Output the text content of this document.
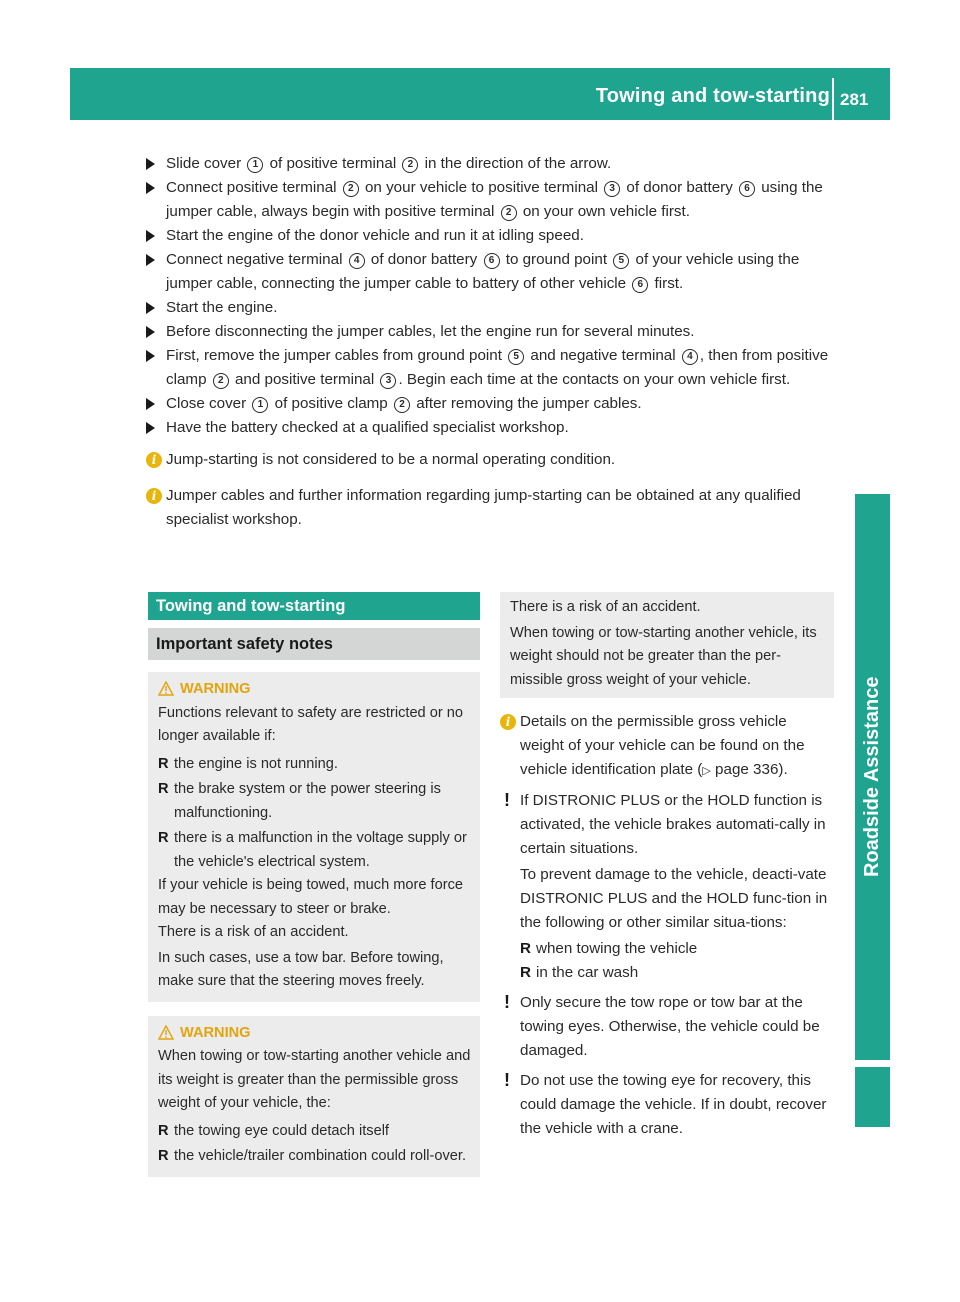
Towing and tow-starting 281
Roadside Assistance
Slide cover 1 of positive terminal 2 in the direction of the arrow.
Connect positive terminal 2 on your vehicle to positive terminal 3 of donor battery 6 using the jumper cable, always begin with positive terminal 2 on your own vehicle first.
Start the engine of the donor vehicle and run it at idling speed.
Connect negative terminal 4 of donor battery 6 to ground point 5 of your vehicle using the jumper cable, connecting the jumper cable to battery of other vehicle 6 first.
Start the engine.
Before disconnecting the jumper cables, let the engine run for several minutes.
First, remove the jumper cables from ground point 5 and negative terminal 4 , then from positive clamp 2 and positive terminal 3 . Begin each time at the contacts on your own vehicle first.
Close cover 1 of positive clamp 2 after removing the jumper cables.
Have the battery checked at a qualified specialist workshop.
i Jump-starting is not considered to be a normal operating condition.
i Jumper cables and further information regarding jump-starting can be obtained at any qualified specialist workshop.
Towing and tow-starting
Important safety notes
WARNING
Functions relevant to safety are restricted or no longer available if:
R the engine is not running.
R the brake system or the power steering is malfunctioning.
R there is a malfunction in the voltage supply or the vehicle's electrical system.
If your vehicle is being towed, much more force may be necessary to steer or brake.
There is a risk of an accident.
In such cases, use a tow bar. Before towing, make sure that the steering moves freely.
WARNING
When towing or tow-starting another vehicle and its weight is greater than the permissible gross weight of your vehicle, the:
R the towing eye could detach itself
R the vehicle/trailer combination could roll-over.
There is a risk of an accident.
When towing or tow-starting another vehicle, its weight should not be greater than the per-missible gross weight of your vehicle.
i Details on the permissible gross vehicle weight of your vehicle can be found on the vehicle identification plate (▷ page 336).
! If DISTRONIC PLUS or the HOLD function is activated, the vehicle brakes automati-cally in certain situations.
To prevent damage to the vehicle, deacti-vate DISTRONIC PLUS and the HOLD func-tion in the following or other similar situa-tions:
R when towing the vehicle
R in the car wash
! Only secure the tow rope or tow bar at the towing eyes. Otherwise, the vehicle could be damaged.
! Do not use the towing eye for recovery, this could damage the vehicle. If in doubt, recover the vehicle with a crane.
